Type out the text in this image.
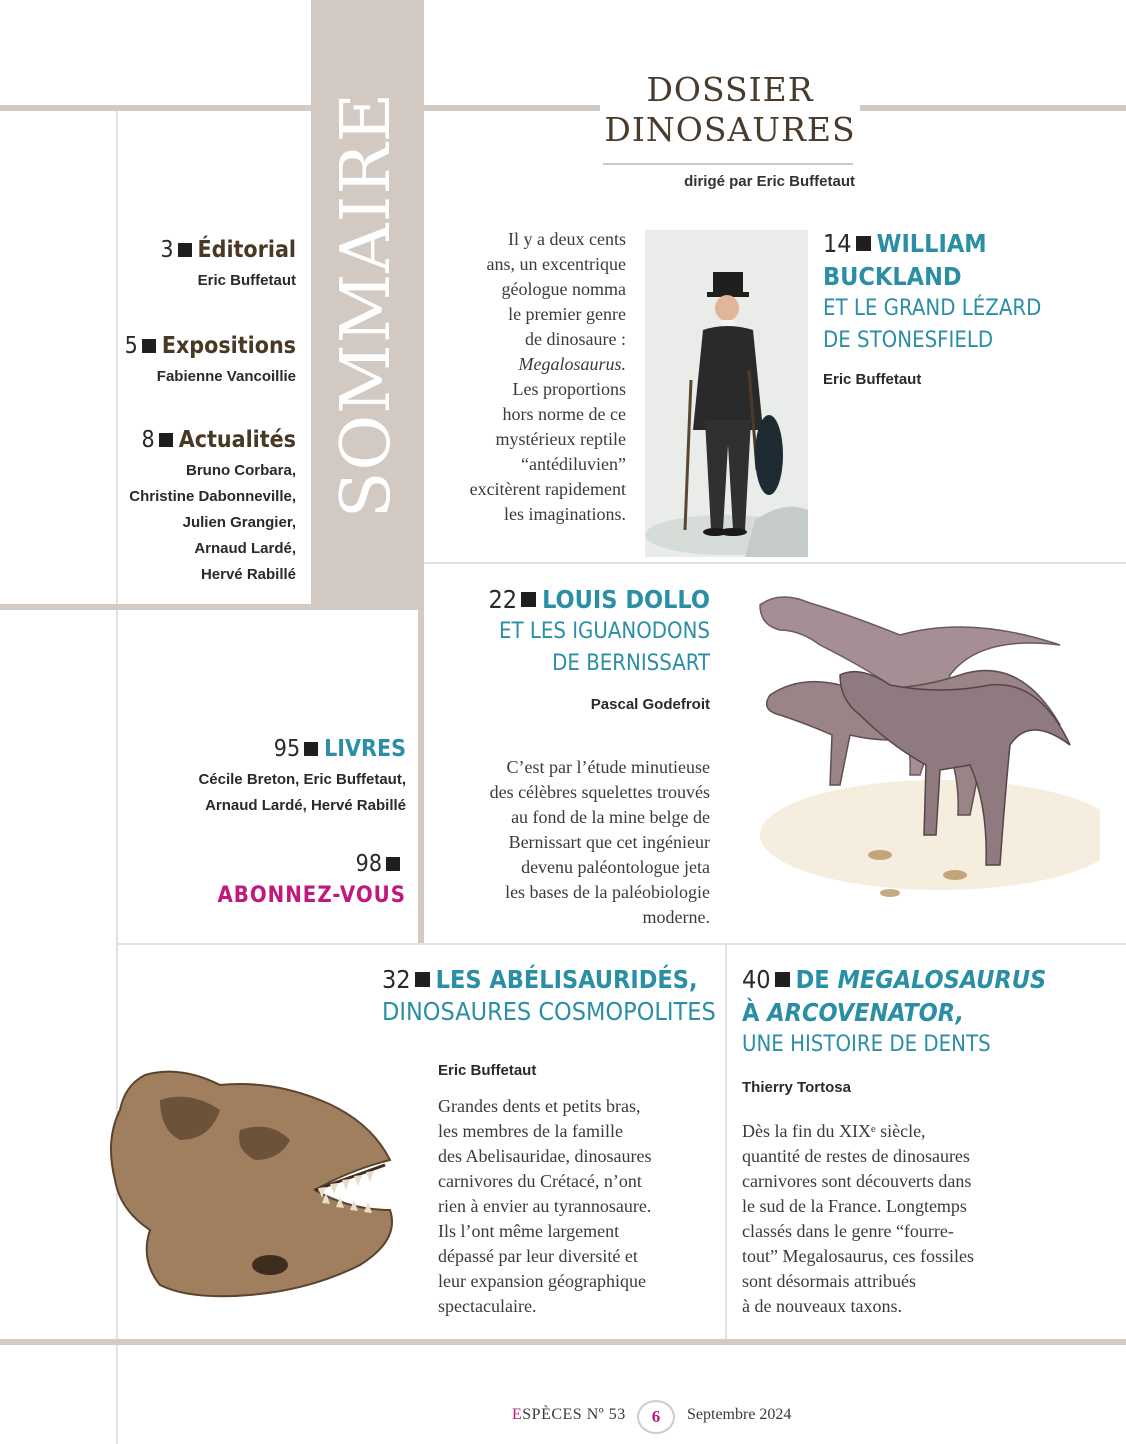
SOMMAIRE
DOSSIER
DINOSAURES
dirigé par Eric Buffetaut
3 Éditorial
Eric Buffetaut
5 Expositions
Fabienne Vancoillie
8 Actualités
Bruno Corbara,
Christine Dabonneville,
Julien Grangier,
Arnaud Lardé,
Hervé Rabillé
95 LIVRES
Cécile Breton, Eric Buffetaut,
Arnaud Lardé, Hervé Rabillé
98
ABONNEZ-VOUS
Il y a deux cents
ans, un excentrique
géologue nomma
le premier genre
de dinosaure :
Megalosaurus.
Les proportions
hors norme de ce
mystérieux reptile
“antédiluvien”
excitèrent rapidement
les imaginations.
14 WILLIAM
BUCKLAND
ET LE GRAND LÉZARD
DE STONESFIELD
Eric Buffetaut
22 LOUIS DOLLO
ET LES IGUANODONS
DE BERNISSART
Pascal Godefroit
C’est par l’étude minutieuse
des célèbres squelettes trouvés
au fond de la mine belge de
Bernissart que cet ingénieur
devenu paléontologue jeta
les bases de la paléobiologie
moderne.
32 LES ABÉLISAURIDÉS,
DINOSAURES COSMOPOLITES
Eric Buffetaut
Grandes dents et petits bras,
les membres de la famille
des Abelisauridae, dinosaures
carnivores du Crétacé, n’ont
rien à envier au tyrannosaure.
Ils l’ont même largement
dépassé par leur diversité et
leur expansion géographique
spectaculaire.
40 DE MEGALOSAURUS
À ARCOVENATOR,
UNE HISTOIRE DE DENTS
Thierry Tortosa
Dès la fin du XIXᵉ siècle,
quantité de restes de dinosaures
carnivores sont découverts dans
le sud de la France. Longtemps
classés dans le genre “fourre-
tout” Megalosaurus, ces fossiles
sont désormais attribués
à de nouveaux taxons.
ESPÈCES Nº 53	6	Septembre 2024
